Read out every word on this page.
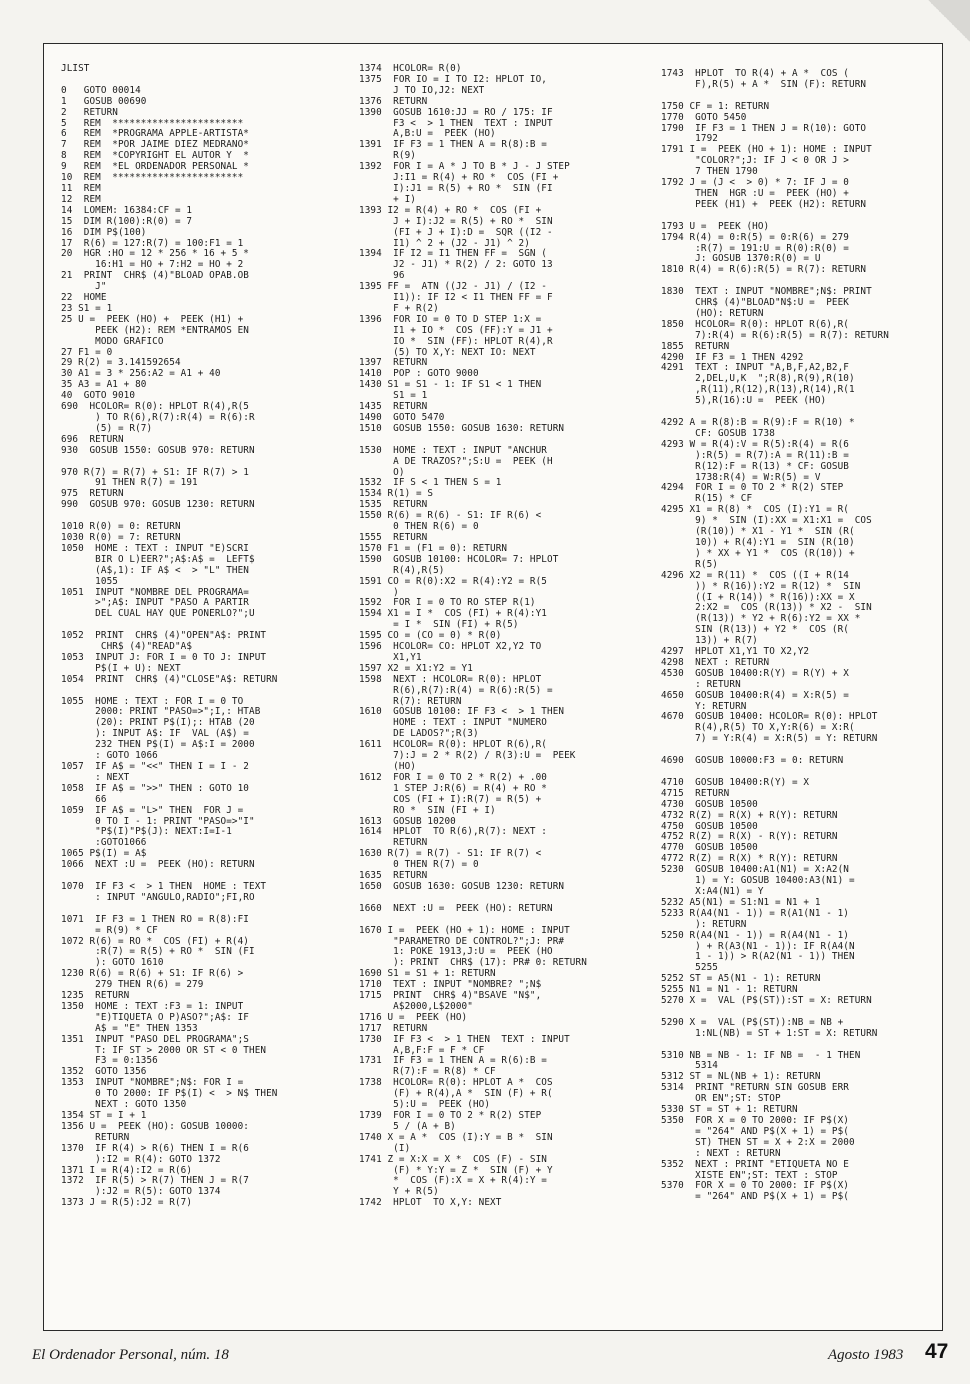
JLIST

0   GOTO 00014
1   GOSUB 00690
2   RETURN
5   REM  ***********************
6   REM  *PROGRAMA APPLE-ARTISTA*
7   REM  *POR JAIME DIEZ MEDRANO*
8   REM  *COPYRIGHT EL AUTOR Y  *
9   REM  *EL ORDENADOR PERSONAL *
10  REM  ***********************
11  REM
12  REM
14  LOMEM: 16384:CF = 1
15  DIM R(100):R(0) = 7
16  DIM P$(100)
17  R(6) = 127:R(7) = 100:F1 = 1
20  HGR :HO = 12 * 256 * 16 + 5 *
16:H1 = HO + 7:H2 = HO + 2
21  PRINT  CHR$ (4)"BLOAD OPAB.OB
J"
22  HOME
23 S1 = 1
25 U =  PEEK (HO) +  PEEK (H1) +
PEEK (H2): REM *ENTRAMOS EN
MODO GRAFICO
27 F1 = 0
29 R(2) = 3.141592654
30 A1 = 3 * 256:A2 = A1 + 40
35 A3 = A1 + 80
40  GOTO 9010
690  HCOLOR= R(0): HPLOT R(4),R(5
) TO R(6),R(7):R(4) = R(6):R
(5) = R(7)
696  RETURN
930  GOSUB 1550: GOSUB 970: RETURN

970 R(7) = R(7) + S1: IF R(7) > 1
91 THEN R(7) = 191
975  RETURN
990  GOSUB 970: GOSUB 1230: RETURN

1010 R(0) = 0: RETURN
1030 R(0) = 7: RETURN
1050  HOME : TEXT : INPUT "E)SCRI
BIR O L)EER?";A$:A$ =  LEFT$
(A$,1): IF A$ <  > "L" THEN
1055
1051  INPUT "NOMBRE DEL PROGRAMA=
>";A$: INPUT "PASO A PARTIR
DEL CUAL HAY QUE PONERLO?";U

1052  PRINT  CHR$ (4)"OPEN"A$: PRINT
CHR$ (4)"READ"A$
1053  INPUT J: FOR I = 0 TO J: INPUT
P$(I + U): NEXT
1054  PRINT  CHR$ (4)"CLOSE"A$: RETURN

1055  HOME : TEXT : FOR I = 0 TO
2000: PRINT "PASO=>";I,: HTAB
(20): PRINT P$(I);: HTAB (20
): INPUT A$: IF  VAL (A$) =
232 THEN P$(I) = A$:I = 2000
: GOTO 1066
1057  IF A$ = "<<" THEN I = I - 2
: NEXT
1058  IF A$ = ">>" THEN : GOTO 10
66
1059  IF A$ = "L>" THEN  FOR J =
0 TO I - 1: PRINT "PASO=>"I"
"P$(I)"P$(J): NEXT:I=I-1
:GOTO1066
1065 P$(I) = A$
1066  NEXT :U =  PEEK (HO): RETURN

1070  IF F3 <  > 1 THEN  HOME : TEXT
: INPUT "ANGULO,RADIO";FI,RO

1071  IF F3 = 1 THEN RO = R(8):FI
= R(9) * CF
1072 R(6) = RO *  COS (FI) + R(4)
:R(7) = R(5) + RO *  SIN (FI
): GOTO 1610
1230 R(6) = R(6) + S1: IF R(6) >
279 THEN R(6) = 279
1235  RETURN
1350  HOME : TEXT :F3 = 1: INPUT
"E)TIQUETA O P)ASO?";A$: IF
A$ = "E" THEN 1353
1351  INPUT "PASO DEL PROGRAMA";S
T: IF ST > 2000 OR ST < 0 THEN
F3 = 0:1356
1352  GOTO 1356
1353  INPUT "NOMBRE";N$: FOR I =
0 TO 2000: IF P$(I) <  > N$ THEN
NEXT : GOTO 1350
1354 ST = I + 1
1356 U =  PEEK (HO): GOSUB 10000:
RETURN
1370  IF R(4) > R(6) THEN I = R(6
):I2 = R(4): GOTO 1372
1371 I = R(4):I2 = R(6)
1372  IF R(5) > R(7) THEN J = R(7
):J2 = R(5): GOTO 1374
1373 J = R(5):J2 = R(7)
1374  HCOLOR= R(0)
1375  FOR IO = I TO I2: HPLOT IO,
J TO IO,J2: NEXT
1376  RETURN
1390  GOSUB 1610:JJ = RO / 175: IF
F3 <  > 1 THEN  TEXT : INPUT
A,B:U =  PEEK (HO)
1391  IF F3 = 1 THEN A = R(8):B =
R(9)
1392  FOR I = A * J TO B * J - J STEP
J:I1 = R(4) + RO *  COS (FI +
I):J1 = R(5) + RO *  SIN (FI
+ I)
1393 I2 = R(4) + RO *  COS (FI +
J + I):J2 = R(5) + RO *  SIN
(FI + J + I):D =  SQR ((I2 -
I1) ^ 2 + (J2 - J1) ^ 2)
1394  IF I2 = I1 THEN FF =  SGN (
J2 - J1) * R(2) / 2: GOTO 13
96
1395 FF =  ATN ((J2 - J1) / (I2 -
I1)): IF I2 < I1 THEN FF = F
F + R(2)
1396  FOR IO = 0 TO D STEP 1:X =
I1 + IO *  COS (FF):Y = J1 +
IO *  SIN (FF): HPLOT R(4),R
(5) TO X,Y: NEXT IO: NEXT
1397  RETURN
1410  POP : GOTO 9000
1430 S1 = S1 - 1: IF S1 < 1 THEN
S1 = 1
1435  RETURN
1490  GOTO 5470
1510  GOSUB 1550: GOSUB 1630: RETURN

1530  HOME : TEXT : INPUT "ANCHUR
A DE TRAZOS?";S:U =  PEEK (H
O)
1532  IF S < 1 THEN S = 1
1534 R(1) = S
1535  RETURN
1550 R(6) = R(6) - S1: IF R(6) <
0 THEN R(6) = 0
1555  RETURN
1570 F1 = (F1 = 0): RETURN
1590  GOSUB 10100: HCOLOR= 7: HPLOT
R(4),R(5)
1591 CO = R(0):X2 = R(4):Y2 = R(5
)
1592  FOR I = 0 TO RO STEP R(1)
1594 X1 = I *  COS (FI) + R(4):Y1
= I *  SIN (FI) + R(5)
1595 CO = (CO = 0) * R(0)
1596  HCOLOR= CO: HPLOT X2,Y2 TO
X1,Y1
1597 X2 = X1:Y2 = Y1
1598  NEXT : HCOLOR= R(0): HPLOT
R(6),R(7):R(4) = R(6):R(5) =
R(7): RETURN
1610  GOSUB 10100: IF F3 <  > 1 THEN
HOME : TEXT : INPUT "NUMERO
DE LADOS?";R(3)
1611  HCOLOR= R(0): HPLOT R(6),R(
7):J = 2 * R(2) / R(3):U =  PEEK
(HO)
1612  FOR I = 0 TO 2 * R(2) + .00
1 STEP J:R(6) = R(4) + RO *
COS (FI + I):R(7) = R(5) +
RO *  SIN (FI + I)
1613  GOSUB 10200
1614  HPLOT  TO R(6),R(7): NEXT :
RETURN
1630 R(7) = R(7) - S1: IF R(7) <
0 THEN R(7) = 0
1635  RETURN
1650  GOSUB 1630: GOSUB 1230: RETURN

1660  NEXT :U =  PEEK (HO): RETURN

1670 I =  PEEK (HO + 1): HOME : INPUT
"PARAMETRO DE CONTROL?";J: PR#
1: POKE 1913,J:U =  PEEK (HO
): PRINT  CHR$ (17): PR# 0: RETURN
1690 S1 = S1 + 1: RETURN
1710  TEXT : INPUT "NOMBRE? ";N$
1715  PRINT  CHR$ 4)"BSAVE "N$",
A$2000,L$2000"
1716 U =  PEEK (HO)
1717  RETURN
1730  IF F3 <  > 1 THEN  TEXT : INPUT
A,B,F:F = F * CF
1731  IF F3 = 1 THEN A = R(6):B =
R(7):F = R(8) * CF
1738  HCOLOR= R(0): HPLOT A *  COS
(F) + R(4),A *  SIN (F) + R(
5):U =  PEEK (HO)
1739  FOR I = 0 TO 2 * R(2) STEP
5 / (A + B)
1740 X = A *  COS (I):Y = B *  SIN
(I)
1741 Z = X:X = X *  COS (F) - SIN
(F) * Y:Y = Z *  SIN (F) + Y
*  COS (F):X = X + R(4):Y =
Y + R(5)
1742  HPLOT  TO X,Y: NEXT
1743  HPLOT  TO R(4) + A *  COS (
F),R(5) + A *  SIN (F): RETURN

1750 CF = 1: RETURN
1770  GOTO 5450
1790  IF F3 = 1 THEN J = R(10): GOTO
1792
1791 I =  PEEK (HO + 1): HOME : INPUT
"COLOR?";J: IF J < 0 OR J >
7 THEN 1790
1792 J = (J <  > 0) * 7: IF J = 0
THEN  HGR :U =  PEEK (HO) +
PEEK (H1) +  PEEK (H2): RETURN

1793 U =  PEEK (HO)
1794 R(4) = 0:R(5) = 0:R(6) = 279
:R(7) = 191:U = R(0):R(0) =
J: GOSUB 1370:R(0) = U
1810 R(4) = R(6):R(5) = R(7): RETURN

1830  TEXT : INPUT "NOMBRE";N$: PRINT
CHR$ (4)"BLOAD"N$:U =  PEEK
(HO): RETURN
1850  HCOLOR= R(0): HPLOT R(6),R(
7):R(4) = R(6):R(5) = R(7): RETURN
1855  RETURN
4290  IF F3 = 1 THEN 4292
4291  TEXT : INPUT "A,B,F,A2,B2,F
2,DEL,U,K  ";R(8),R(9),R(10)
,R(11),R(12),R(13),R(14),R(1
5),R(16):U =  PEEK (HO)

4292 A = R(8):B = R(9):F = R(10) *
CF: GOSUB 1738
4293 W = R(4):V = R(5):R(4) = R(6
):R(5) = R(7):A = R(11):B =
R(12):F = R(13) * CF: GOSUB
1738:R(4) = W:R(5) = V
4294  FOR I = 0 TO 2 * R(2) STEP
R(15) * CF
4295 X1 = R(8) *  COS (I):Y1 = R(
9) *  SIN (I):XX = X1:X1 =  COS
(R(10)) * X1 - Y1 *  SIN (R(
10)) + R(4):Y1 =  SIN (R(10)
) * XX + Y1 *  COS (R(10)) +
R(5)
4296 X2 = R(11) *  COS ((I + R(14
)) * R(16)):Y2 = R(12) *  SIN
((I + R(14)) * R(16)):XX = X
2:X2 =  COS (R(13)) * X2 -  SIN
(R(13)) * Y2 + R(6):Y2 = XX *
SIN (R(13)) + Y2 *  COS (R(
13)) + R(7)
4297  HPLOT X1,Y1 TO X2,Y2
4298  NEXT : RETURN
4530  GOSUB 10400:R(Y) = R(Y) + X
: RETURN
4650  GOSUB 10400:R(4) = X:R(5) =
Y: RETURN
4670  GOSUB 10400: HCOLOR= R(0): HPLOT
R(4),R(5) TO X,Y:R(6) = X:R(
7) = Y:R(4) = X:R(5) = Y: RETURN

4690  GOSUB 10000:F3 = 0: RETURN

4710  GOSUB 10400:R(Y) = X
4715  RETURN
4730  GOSUB 10500
4732 R(Z) = R(X) + R(Y): RETURN
4750  GOSUB 10500
4752 R(Z) = R(X) - R(Y): RETURN
4770  GOSUB 10500
4772 R(Z) = R(X) * R(Y): RETURN
5230  GOSUB 10400:A1(N1) = X:A2(N
1) = Y: GOSUB 10400:A3(N1) =
X:A4(N1) = Y
5232 A5(N1) = S1:N1 = N1 + 1
5233 R(A4(N1 - 1)) = R(A1(N1 - 1)
): RETURN
5250 R(A4(N1 - 1)) = R(A4(N1 - 1)
) + R(A3(N1 - 1)): IF R(A4(N
1 - 1)) > R(A2(N1 - 1)) THEN
5255
5252 ST = A5(N1 - 1): RETURN
5255 N1 = N1 - 1: RETURN
5270 X =  VAL (P$(ST)):ST = X: RETURN

5290 X =  VAL (P$(ST)):NB = NB +
1:NL(NB) = ST + 1:ST = X: RETURN

5310 NB = NB - 1: IF NB =  - 1 THEN
5314
5312 ST = NL(NB + 1): RETURN
5314  PRINT "RETURN SIN GOSUB ERR
OR EN";ST: STOP
5330 ST = ST + 1: RETURN
5350  FOR X = 0 TO 2000: IF P$(X)
= "264" AND P$(X + 1) = P$(
ST) THEN ST = X + 2:X = 2000
: NEXT : RETURN
5352  NEXT : PRINT "ETIQUETA NO E
XISTE EN";ST: TEXT : STOP
5370  FOR X = 0 TO 2000: IF P$(X)
= "264" AND P$(X + 1) = P$(
El Ordenador Personal, núm. 18	Agosto 1983 47
